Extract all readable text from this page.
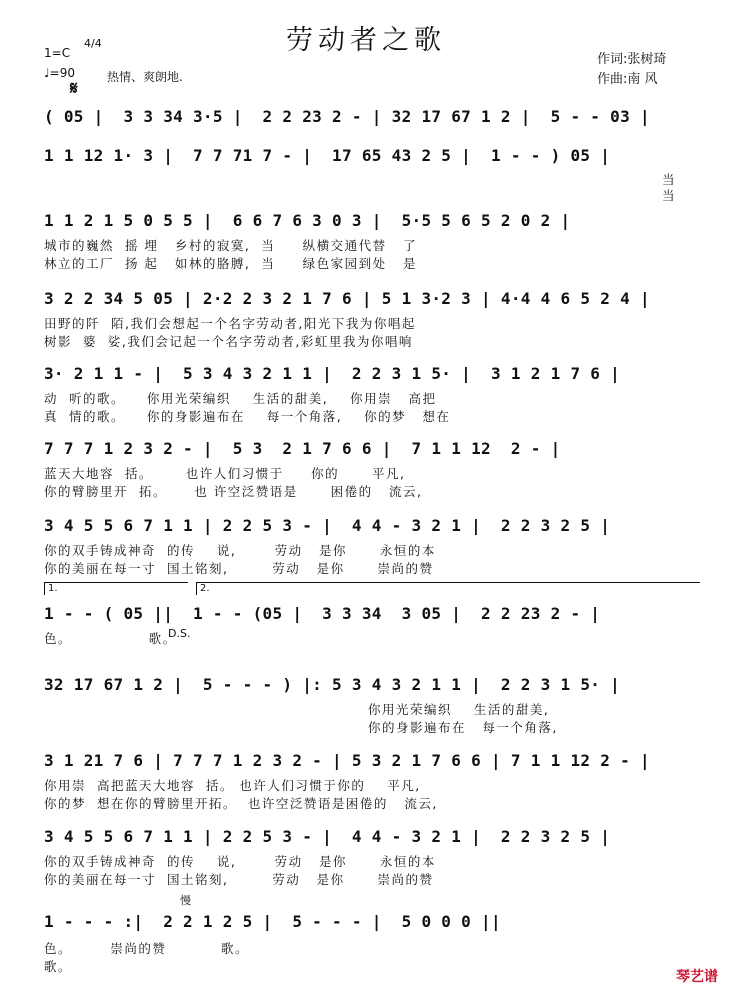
劳动者之歌
1=C
4/4
♩=90	热情、爽朗地.
𝄋
作词:张树琦
作曲:南 风
( 05 |  3 3 34 3·5 |  2 2 23 2 - | 32 17 67 1 2 |  5 - - 03 |
1 1 12 1· 3 |  7 7 71 7 - |  17 65 43 2 5 |  1 - - ) 05 |
当
当
1 1 2 1 5 0 5 5 |  6 6 7 6 3 0 3 |  5·5 5 6 5 2 0 2 |
城市的巍然  摇 埋   乡村的寂寞,  当     纵横交通代替   了
林立的工厂  扬 起   如林的胳膊,  当     绿色家园到处   是
3 2 2 34 5 05 | 2·2 2 3 2 1 7 6 | 5 1 3·2 3 | 4·4 4 6 5 2 4 |
田野的阡  陌,我们会想起一个名字劳动者,阳光下我为你唱起
树影  婆  娑,我们会记起一个名字劳动者,彩虹里我为你唱响
3· 2 1 1 - |  5 3 4 3 2 1 1 |  2 2 3 1 5· |  3 1 2 1 7 6 |
动  听的歌。    你用光荣编织    生活的甜美,    你用崇   高把
真  情的歌。    你的身影遍布在    每一个角落,    你的梦   想在
7 7 7 1 2 3 2 - |  5 3  2 1 7 6 6 |  7 1 1 12  2 - |
蓝天大地容  括。      也许人们习惯于     你的      平凡,
你的臂膀里开  拓。     也 许空泛赞语是      困倦的   流云,
3 4 5 5 6 7 1 1 | 2 2 5 3 - |  4 4 - 3 2 1 |  2 2 3 2 5 |
你的双手铸成神奇  的传    说,       劳动   是你      永恒的本
你的美丽在每一寸  国土铭刻,        劳动   是你      崇尚的赞
1.	2.
1 - - ( 05 ||  1 - - (05 |  3 3 34  3 05 |  2 2 23 2 - |
色。              歌。
D.S.
32 17 67 1 2 |  5 - - - ) |: 5 3 4 3 2 1 1 |  2 2 3 1 5· |
你用光荣编织    生活的甜美,
你的身影遍布在   每一个角落,
3 1 21 7 6 | 7 7 7 1 2 3 2 - | 5 3 2 1 7 6 6 | 7 1 1 12 2 - |
你用崇  高把蓝天大地容  括。 也许人们习惯于你的    平凡,
你的梦  想在你的臂膀里开拓。  也许空泛赞语是困倦的   流云,
3 4 5 5 6 7 1 1 | 2 2 5 3 - |  4 4 - 3 2 1 |  2 2 3 2 5 |
你的双手铸成神奇  的传    说,       劳动   是你      永恒的本
你的美丽在每一寸  国土铭刻,        劳动   是你      崇尚的赞
慢
1 - - - :|  2 2 1 2 5 |  5 - - - |  5 0 0 0 ||
色。       崇尚的赞          歌。
歌。
琴艺谱
